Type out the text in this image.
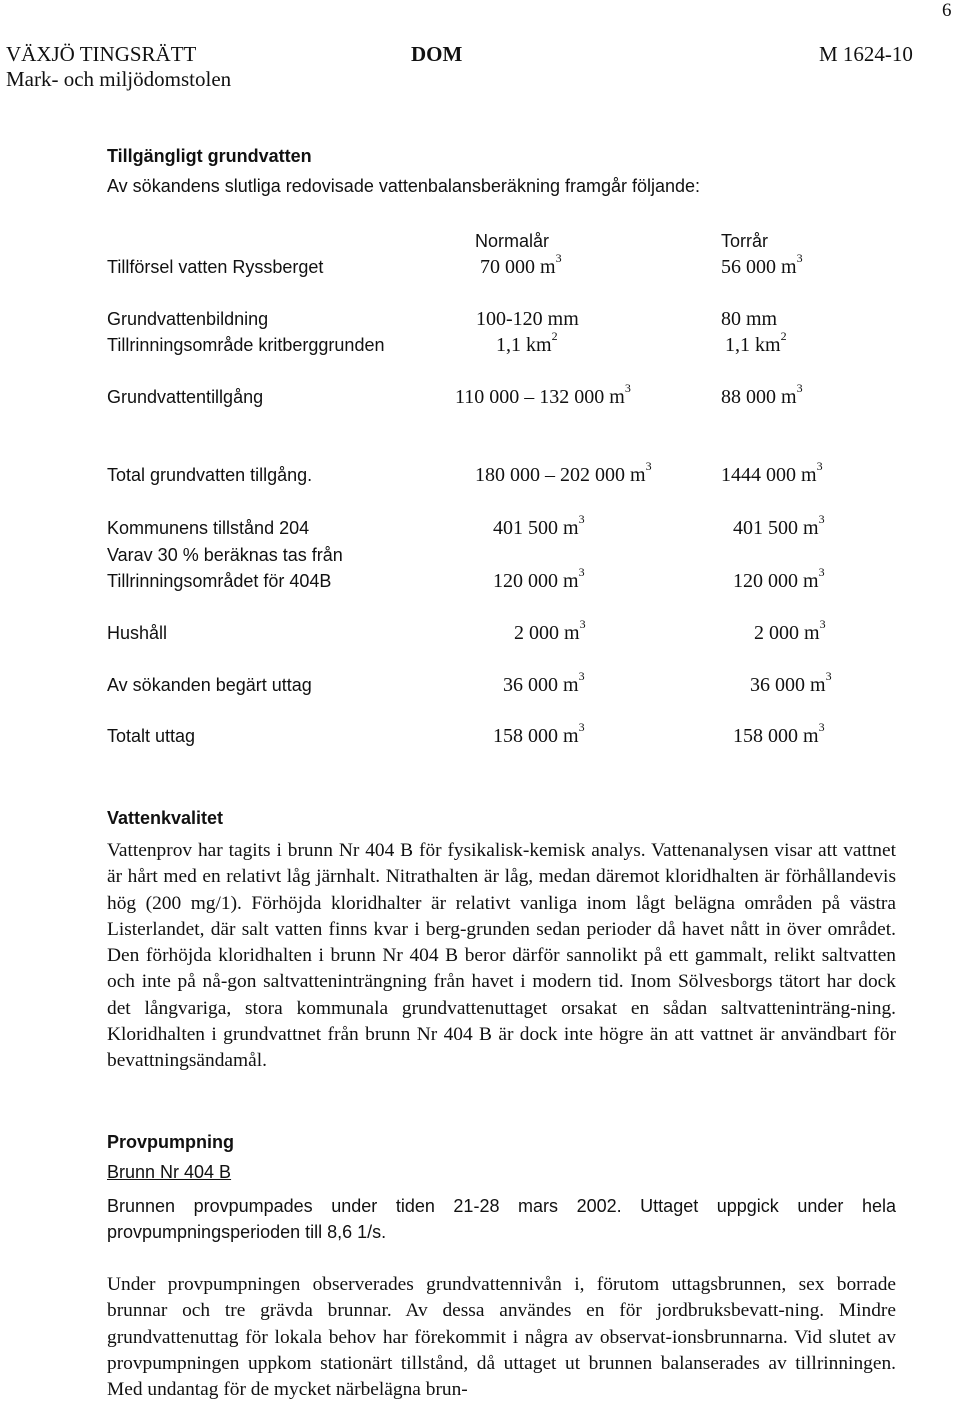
6
VÄXJÖ TINGSRÄTT
Mark- och miljödomstolen
DOM	M 1624-10
Tillgängligt grundvatten
Av sökandens slutliga redovisade vattenbalansberäkning framgår följande:
Normalår	Torrår
Tillförsel vatten Ryssberget	70 000 $m^3$	56 000 $m^3$
Grundvattenbildning	100-120 mm	80 mm
Tillrinningsområde kritberggrunden	1,1 $km^2$	1,1 $km^2$
Grundvattentillgång	110 000 – 132 000 $m^3$	88 000 $m^3$
Total grundvatten tillgång.	180 000 – 202 000 $m^3$	1444 000 $m^3$
Kommunens tillstånd 204	401 500 $m^3$	401 500 $m^3$
Varav 30 % beräknas tas från
Tillrinningsområdet för 404B	120 000 $m^3$	120 000 $m^3$
Hushåll	2 000 $m^3$	2 000 $m^3$
Av sökanden begärt uttag	36 000 $m^3$	36 000 $m^3$
Totalt uttag	158 000 $m^3$	158 000 $m^3$
Vattenkvalitet

Vattenprov har tagits i brunn Nr 404 B för fysikalisk-kemisk analys. Vattenanalysen visar att vattnet är hårt med en relativt låg järnhalt. Nitrathalten är låg, medan däremot kloridhalten är förhållandevis hög (200 mg/1). Förhöjda kloridhalter är relativt vanliga inom lågt belägna områden på västra Listerlandet, där salt vatten finns kvar i berg-grunden sedan perioder då havet nått in över området. Den förhöjda kloridhalten i brunn Nr 404 B beror därför sannolikt på ett gammalt, relikt saltvatten och inte på nå-gon saltvatteninträngning från havet i modern tid. Inom Sölvesborgs tätort har dock det långvariga, stora kommunala grundvattenuttaget orsakat en sådan saltvatteninträng-ning. Kloridhalten i grundvattnet från brunn Nr 404 B är dock inte högre än att vattnet är användbart för bevattningsändamål.

Provpumpning
Brunn Nr 404 B

Brunnen provpumpades under tiden 21-28 mars 2002. Uttaget uppgick under hela provpumpningsperioden till 8,6 1/s.

Under provpumpningen observerades grundvattennivån i, förutom uttagsbrunnen, sex borrade brunnar och tre grävda brunnar. Av dessa användes en för jordbruksbevatt-ning. Mindre grundvattenuttag för lokala behov har förekommit i några av observat-ionsbrunnarna. Vid slutet av provpumpningen uppkom stationärt tillstånd, då uttaget ut brunnen balanserades av tillrinningen. Med undantag för de mycket närbelägna brun-
